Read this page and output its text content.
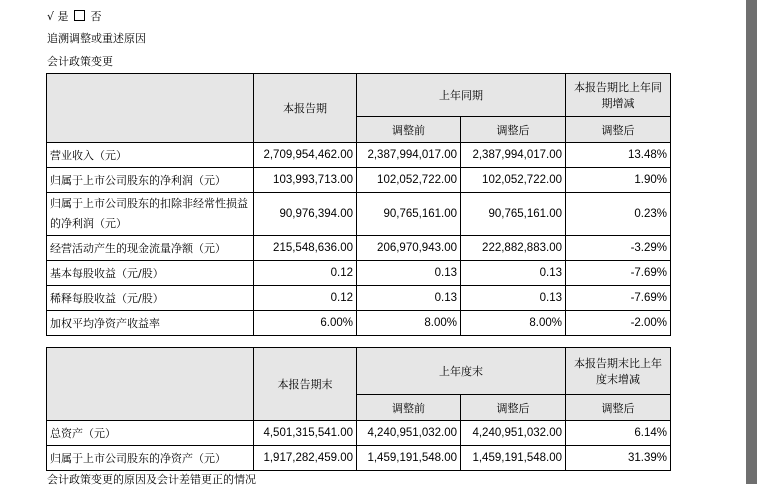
√ 是 否
追溯调整或重述原因
会计政策变更
	本报告期	上年同期		本报告期比上年同期增减
		调整前	调整后	调整后
营业收入（元）	2,709,954,462.00	2,387,994,017.00	2,387,994,017.00	13.48%
归属于上市公司股东的净利润（元）	103,993,713.00	102,052,722.00	102,052,722.00	1.90%
归属于上市公司股东的扣除非经常性损益的净利润（元）	90,976,394.00	90,765,161.00	90,765,161.00	0.23%
经营活动产生的现金流量净额（元）	215,548,636.00	206,970,943.00	222,882,883.00	-3.29%
基本每股收益（元/股）	0.12	0.13	0.13	-7.69%
稀释每股收益（元/股）	0.12	0.13	0.13	-7.69%
加权平均净资产收益率	6.00%	8.00%	8.00%	-2.00%
	本报告期末	上年度末		本报告期末比上年度末增减
		调整前	调整后	调整后
总资产（元）	4,501,315,541.00	4,240,951,032.00	4,240,951,032.00	6.14%
归属于上市公司股东的净资产（元）	1,917,282,459.00	1,459,191,548.00	1,459,191,548.00	31.39%
会计政策变更的原因及会计差错更正的情况
